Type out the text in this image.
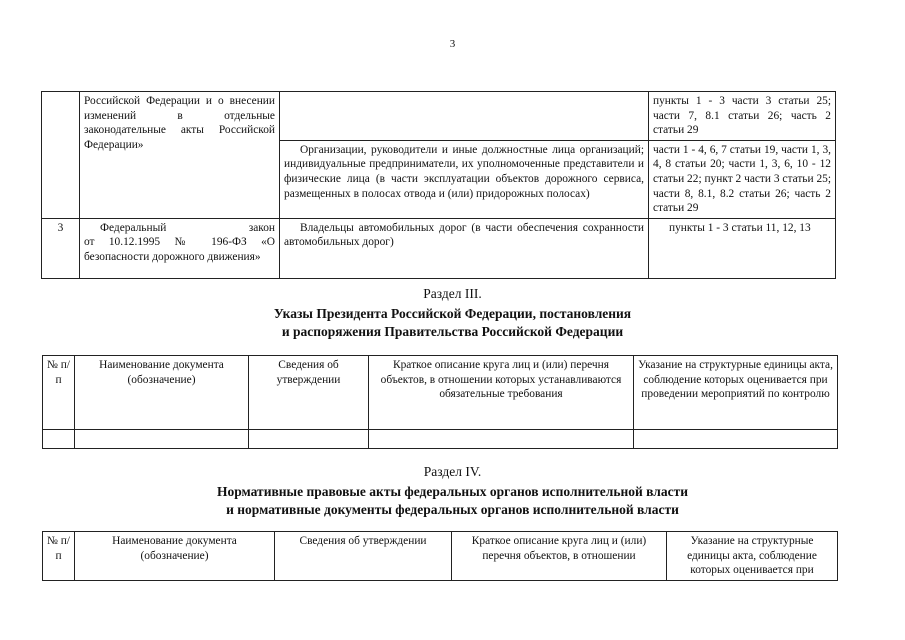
3
	Российской Федерации и о внесении изменений в отдельные законодательные акты Российской Федерации»		пункты 1 - 3 части 3 статьи 25; части 7, 8.1 статьи 26; часть 2 статьи 29
		Организации, руководители и иные должностные лица организаций; индивидуальные предприниматели, их уполномоченные представители и физические лица (в части эксплуатации объектов дорожного сервиса, размещенных в полосах отвода и (или) придорожных полосах)	части 1 - 4, 6, 7 статьи 19, части 1, 3, 4, 8 статьи 20; части 1, 3, 6, 10 - 12 статьи 22; пункт 2 части 3 статьи 25; части 8, 8.1, 8.2 статьи 26; часть 2 статьи 29
3	Федеральный закон
от 10.12.1995 № 196-ФЗ «О безопасности дорожного движения»	Владельцы автомобильных дорог (в части обеспечения сохранности автомобильных дорог)	пункты 1 - 3 статьи 11, 12, 13
Раздел III.
Указы Президента Российской Федерации, постановления
и распоряжения Правительства Российской Федерации
№ п/п	Наименование документа (обозначение)	Сведения об утверждении	Краткое описание круга лиц и (или) перечня объектов, в отношении которых устанавливаются обязательные требования	Указание на структурные единицы акта, соблюдение которых оценивается при проведении мероприятий по контролю

Раздел IV.
Нормативные правовые акты федеральных органов исполнительной власти
и нормативные документы федеральных органов исполнительной власти
№ п/п	Наименование документа (обозначение)	Сведения об утверждении	Краткое описание круга лиц и (или) перечня объектов, в отношении	Указание на структурные единицы акта, соблюдение которых оценивается при
